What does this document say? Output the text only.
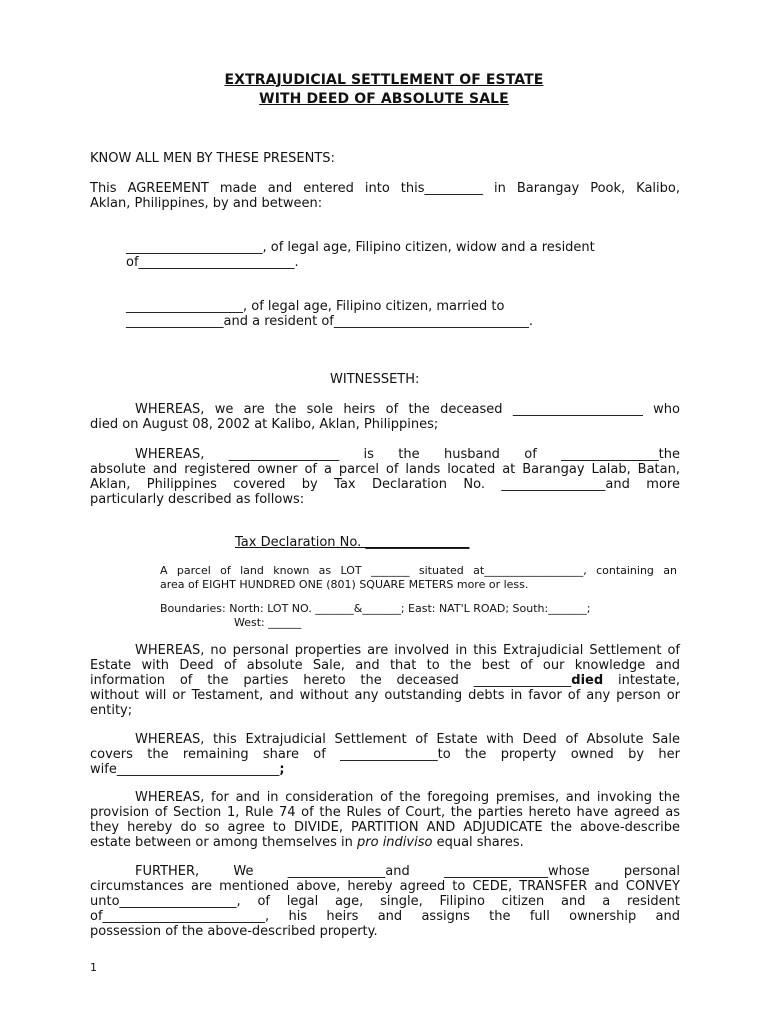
EXTRAJUDICIAL SETTLEMENT OF ESTATE
WITH DEED OF ABSOLUTE SALE
KNOW ALL MEN BY THESE PRESENTS:
This AGREEMENT made and entered into this_________ in Barangay Pook, Kalibo,
Aklan, Philippines, by and between:
_____________________, of legal age, Filipino citizen, widow and a resident
of________________________.
__________________, of legal age, Filipino citizen, married to
_______________and a resident of______________________________.
WITNESSETH:
WHEREAS, we are the sole heirs of the deceased ____________________ who
died on August 08, 2002 at Kalibo, Aklan, Philippines;
WHEREAS, _________________ is the husband of _______________the
absolute and registered owner of a parcel of lands located at Barangay Lalab, Batan,
Aklan, Philippines covered by Tax Declaration No. ________________and more
particularly described as follows:
Tax Declaration No. ________________
A parcel of land known as LOT _______ situated at__________________, containing an
area of EIGHT HUNDRED ONE (801) SQUARE METERS more or less.
Boundaries: North: LOT NO. _______&_______; East: NAT'L ROAD; South:_______;
West: ______
WHEREAS, no personal properties are involved in this Extrajudicial Settlement of
Estate with Deed of absolute Sale, and that to the best of our knowledge and
information of the parties hereto the deceased _______________died intestate,
without will or Testament, and without any outstanding debts in favor of any person or
entity;
WHEREAS, this Extrajudicial Settlement of Estate with Deed of Absolute Sale
covers the remaining share of _______________to the property owned by her
wife_________________________;
WHEREAS, for and in consideration of the foregoing premises, and invoking the
provision of Section 1, Rule 74 of the Rules of Court, the parties hereto have agreed as
they hereby do so agree to DIVIDE, PARTITION AND ADJUDICATE the above-describe
estate between or among themselves in pro indiviso equal shares.
FURTHER, We _______________and ________________whose personal
circumstances are mentioned above, hereby agreed to CEDE, TRANSFER and CONVEY
unto__________________, of legal age, single, Filipino citizen and a resident
of_________________________, his heirs and assigns the full ownership and
possession of the above-described property.
1
